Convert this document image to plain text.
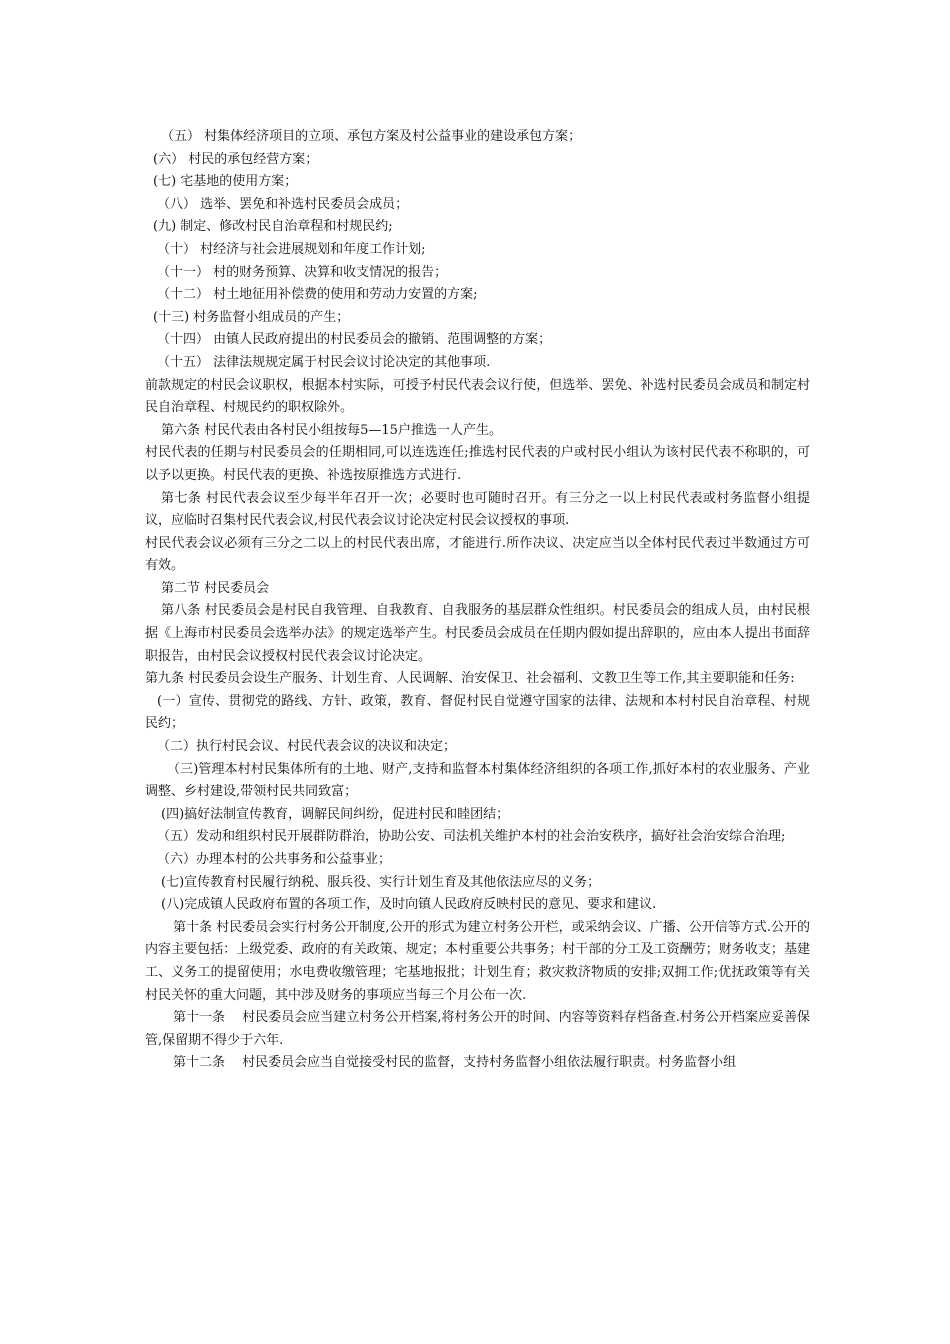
（五） 村集体经济项目的立项、承包方案及村公益事业的建设承包方案；

(六） 村民的承包经营方案；

(七) 宅基地的使用方案；

（八） 选举、罢免和补选村民委员会成员；

(九) 制定、修改村民自治章程和村规民约;

（十） 村经济与社会进展规划和年度工作计划;

（十一） 村的财务预算、决算和收支情况的报告；

（十二） 村土地征用补偿费的使用和劳动力安置的方案;

(十三) 村务监督小组成员的产生；

（十四） 由镇人民政府提出的村民委员会的撤销、范围调整的方案；

（十五） 法律法规规定属于村民会议讨论决定的其他事项.

前款规定的村民会议职权，根据本村实际，可授予村民代表会议行使，但选举、罢免、补选村民委员会成员和制定村民自治章程、村规民约的职权除外。

第六条 村民代表由各村民小组按每5—15户推选一人产生。

村民代表的任期与村民委员会的任期相同,可以连选连任;推选村民代表的户或村民小组认为该村民代表不称职的，可以予以更换。村民代表的更换、补选按原推选方式进行.

第七条 村民代表会议至少每半年召开一次；必要时也可随时召开。有三分之一以上村民代表或村务监督小组提议，应临时召集村民代表会议,村民代表会议讨论决定村民会议授权的事项.

村民代表会议必须有三分之二以上的村民代表出席，才能进行.所作决议、决定应当以全体村民代表过半数通过方可有效。

第二节 村民委员会

第八条 村民委员会是村民自我管理、自我教育、自我服务的基层群众性组织。村民委员会的组成人员，由村民根据《上海市村民委员会选举办法》的规定选举产生。村民委员会成员在任期内假如提出辞职的，应由本人提出书面辞职报告，由村民会议授权村民代表会议讨论决定。

第九条 村民委员会设生产服务、计划生育、人民调解、治安保卫、社会福利、文教卫生等工作,其主要职能和任务:

(一）宣传、贯彻党的路线、方针、政策，教育、督促村民自觉遵守国家的法律、法规和本村村民自治章程、村规民约；

（二）执行村民会议、村民代表会议的决议和决定；

（三)管理本村村民集体所有的土地、财产,支持和监督本村集体经济组织的各项工作,抓好本村的农业服务、产业调整、乡村建设,带领村民共同致富；

(四)搞好法制宣传教育，调解民间纠纷，促进村民和睦团结；

（五）发动和组织村民开展群防群治，协助公安、司法机关维护本村的社会治安秩序，搞好社会治安综合治理;

（六）办理本村的公共事务和公益事业；

(七)宣传教育村民履行纳税、服兵役、实行计划生育及其他依法应尽的义务；

(八)完成镇人民政府布置的各项工作，及时向镇人民政府反映村民的意见、要求和建议.

第十条 村民委员会实行村务公开制度,公开的形式为建立村务公开栏，或采纳会议、广播、公开信等方式.公开的内容主要包括：上级党委、政府的有关政策、规定；本村重要公共事务；村干部的分工及工资酬劳；财务收支；基建工、义务工的提留使用；水电费收缴管理；宅基地报批；计划生育；救灾救济物质的安排;双拥工作;优抚政策等有关村民关怀的重大问题，其中涉及财务的事项应当每三个月公布一次.

第十一条　 村民委员会应当建立村务公开档案,将村务公开的时间、内容等资料存档备查.村务公开档案应妥善保管,保留期不得少于六年.

第十二条　 村民委员会应当自觉接受村民的监督，支持村务监督小组依法履行职责。村务监督小组
